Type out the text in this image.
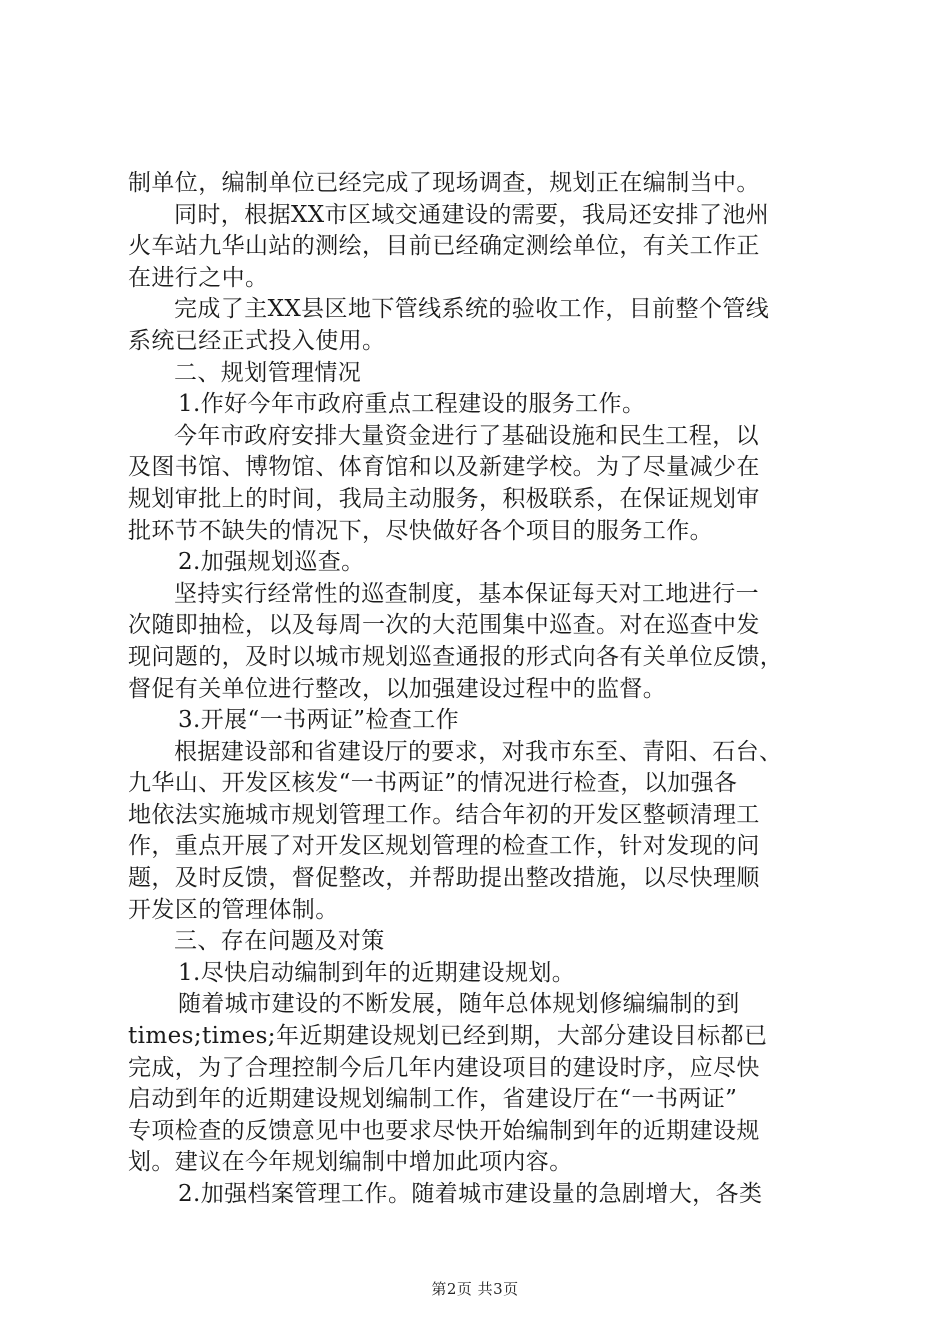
制单位，编制单位已经完成了现场调查，规划正在编制当中。
同时，根据XX市区域交通建设的需要，我局还安排了池州
火车站九华山站的测绘，目前已经确定测绘单位，有关工作正
在进行之中。
完成了主XX县区地下管线系统的验收工作，目前整个管线
系统已经正式投入使用。
二、规划管理情况
1.作好今年市政府重点工程建设的服务工作。
今年市政府安排大量资金进行了基础设施和民生工程，以
及图书馆、博物馆、体育馆和以及新建学校。为了尽量减少在
规划审批上的时间，我局主动服务，积极联系，在保证规划审
批环节不缺失的情况下，尽快做好各个项目的服务工作。
2.加强规划巡查。
坚持实行经常性的巡查制度，基本保证每天对工地进行一
次随即抽检，以及每周一次的大范围集中巡查。对在巡查中发
现问题的，及时以城市规划巡查通报的形式向各有关单位反馈，
督促有关单位进行整改，以加强建设过程中的监督。
3.开展“一书两证”检查工作
根据建设部和省建设厅的要求，对我市东至、青阳、石台、
九华山、开发区核发“一书两证”的情况进行检查，以加强各
地依法实施城市规划管理工作。结合年初的开发区整顿清理工
作，重点开展了对开发区规划管理的检查工作，针对发现的问
题，及时反馈，督促整改，并帮助提出整改措施，以尽快理顺
开发区的管理体制。
三、存在问题及对策
1.尽快启动编制到年的近期建设规划。
随着城市建设的不断发展，随年总体规划修编编制的到
times;times;年近期建设规划已经到期，大部分建设目标都已
完成，为了合理控制今后几年内建设项目的建设时序，应尽快
启动到年的近期建设规划编制工作，省建设厅在“一书两证”
专项检查的反馈意见中也要求尽快开始编制到年的近期建设规
划。建议在今年规划编制中增加此项内容。
2.加强档案管理工作。随着城市建设量的急剧增大，各类
第2页 共3页
